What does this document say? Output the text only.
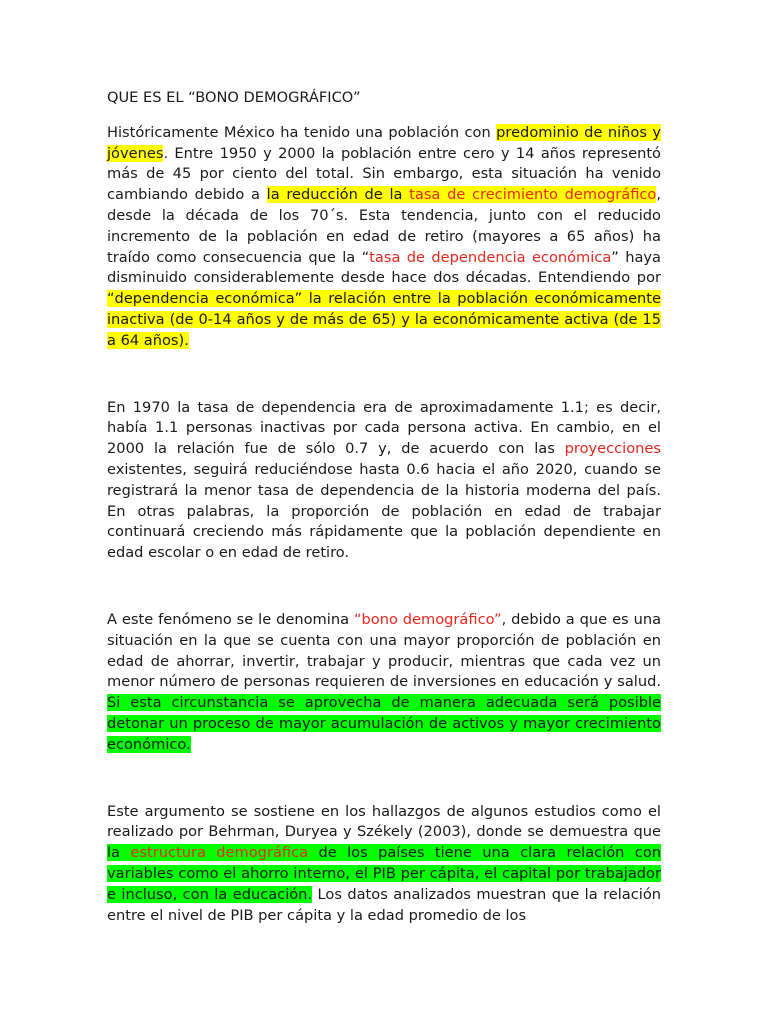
QUE ES EL “BONO DEMOGRÁFICO”

Históricamente México ha tenido una población con predominio de niños y jóvenes. Entre 1950 y 2000 la población entre cero y 14 años representó más de 45 por ciento del total. Sin embargo, esta situación ha venido cambiando debido a la reducción de la tasa de crecimiento demográfico, desde la década de los 70´s. Esta tendencia, junto con el reducido incremento de la población en edad de retiro (mayores a 65 años) ha traído como consecuencia que la “tasa de dependencia económica” haya disminuido considerablemente desde hace dos décadas. Entendiendo por “dependencia económica” la relación entre la población económicamente inactiva (de 0-14 años y de más de 65) y la económicamente activa (de 15 a 64 años).

En 1970 la tasa de dependencia era de aproximadamente 1.1; es decir, había 1.1 personas inactivas por cada persona activa. En cambio, en el 2000 la relación fue de sólo 0.7 y, de acuerdo con las proyecciones existentes, seguirá reduciéndose hasta 0.6 hacia el año 2020, cuando se registrará la menor tasa de dependencia de la historia moderna del país. En otras palabras, la proporción de población en edad de trabajar continuará creciendo más rápidamente que la población dependiente en edad escolar o en edad de retiro.

A este fenómeno se le denomina “bono demográfico”, debido a que es una situación en la que se cuenta con una mayor proporción de población en edad de ahorrar, invertir, trabajar y producir, mientras que cada vez un menor número de personas requieren de inversiones en educación y salud. Si esta circunstancia se aprovecha de manera adecuada será posible detonar un proceso de mayor acumulación de activos y mayor crecimiento económico.

Este argumento se sostiene en los hallazgos de algunos estudios como el realizado por Behrman, Duryea y Székely (2003), donde se demuestra que la estructura demográfica de los países tiene una clara relación con variables como el ahorro interno, el PIB per cápita, el capital por trabajador e incluso, con la educación. Los datos analizados muestran que la relación entre el nivel de PIB per cápita y la edad promedio de los
